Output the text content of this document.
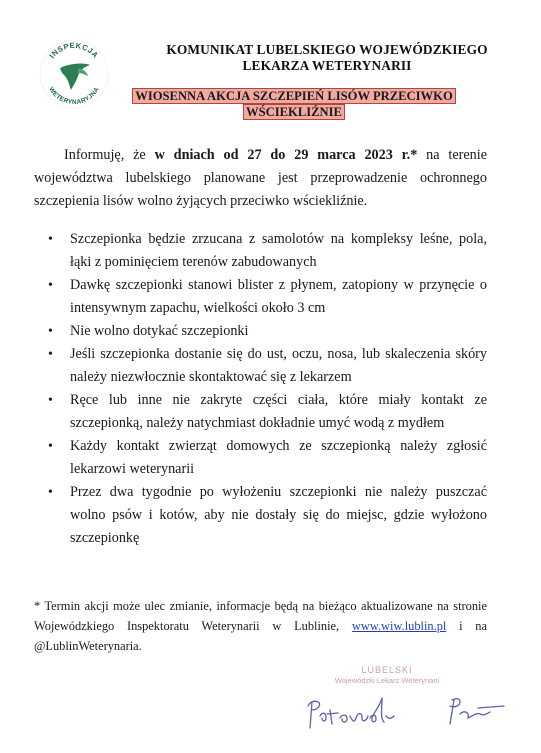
INSPEKCJA
WETERYNARYJNA
KOMUNIKAT LUBELSKIEGO WOJEWÓDZKIEGO
LEKARZA WETERYNARII
WIOSENNA AKCJA SZCZEPIEŃ LISÓW PRZECIWKO
WŚCIEKLIŹNIE
Informuję, że w dniach od 27 do 29 marca 2023 r.* na terenie województwa lubelskiego planowane jest przeprowadzenie ochronnego szczepienia lisów wolno żyjących przeciwko wściekliźnie.
• Szczepionka będzie zrzucana z samolotów na kompleksy leśne, pola, łąki z pominięciem terenów zabudowanych
• Dawkę szczepionki stanowi blister z płynem, zatopiony w przynęcie o intensywnym zapachu, wielkości około 3 cm
• Nie wolno dotykać szczepionki
• Jeśli szczepionka dostanie się do ust, oczu, nosa, lub skaleczenia skóry należy niezwłocznie skontaktować się z lekarzem
• Ręce lub inne nie zakryte części ciała, które miały kontakt ze szczepionką, należy natychmiast dokładnie umyć wodą z mydłem
• Każdy kontakt zwierząt domowych ze szczepionką należy zgłosić lekarzowi weterynarii
• Przez dwa tygodnie po wyłożeniu szczepionki nie należy puszczać wolno psów i kotów, aby nie dostały się do miejsc, gdzie wyłożono szczepionkę
* Termin akcji może ulec zmianie, informacje będą na bieżąco aktualizowane na stronie Wojewódzkiego Inspektoratu Weterynarii w Lublinie, www.wiw.lublin.pl i na @LublinWeterynaria.
LUBELSKI
Wojewódzki Lekarz Weterynarii
